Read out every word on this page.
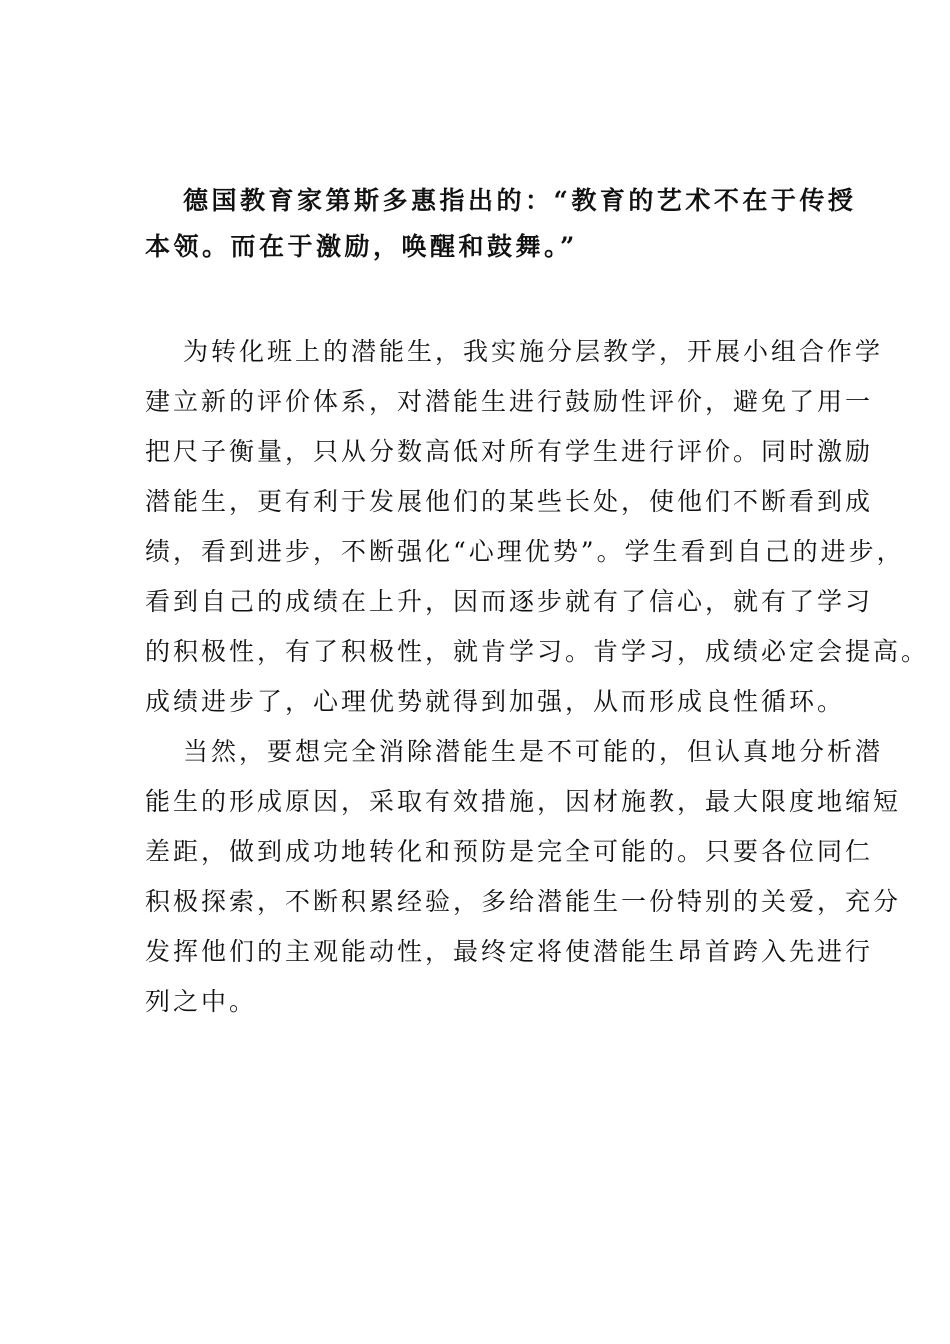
德国教育家第斯多惠指出的：“教育的艺术不在于传授
本领。而在于激励，唤醒和鼓舞。”
为转化班上的潜能生，我实施分层教学，开展小组合作学
建立新的评价体系，对潜能生进行鼓励性评价，避免了用一
把尺子衡量，只从分数高低对所有学生进行评价。同时激励
潜能生，更有利于发展他们的某些长处，使他们不断看到成
绩，看到进步，不断强化“心理优势”。学生看到自己的进步，
看到自己的成绩在上升，因而逐步就有了信心，就有了学习
的积极性，有了积极性，就肯学习。肯学习，成绩必定会提高。
成绩进步了，心理优势就得到加强，从而形成良性循环。
当然，要想完全消除潜能生是不可能的，但认真地分析潜
能生的形成原因，采取有效措施，因材施教，最大限度地缩短
差距，做到成功地转化和预防是完全可能的。只要各位同仁
积极探索，不断积累经验，多给潜能生一份特别的关爱，充分
发挥他们的主观能动性，最终定将使潜能生昂首跨入先进行
列之中。
